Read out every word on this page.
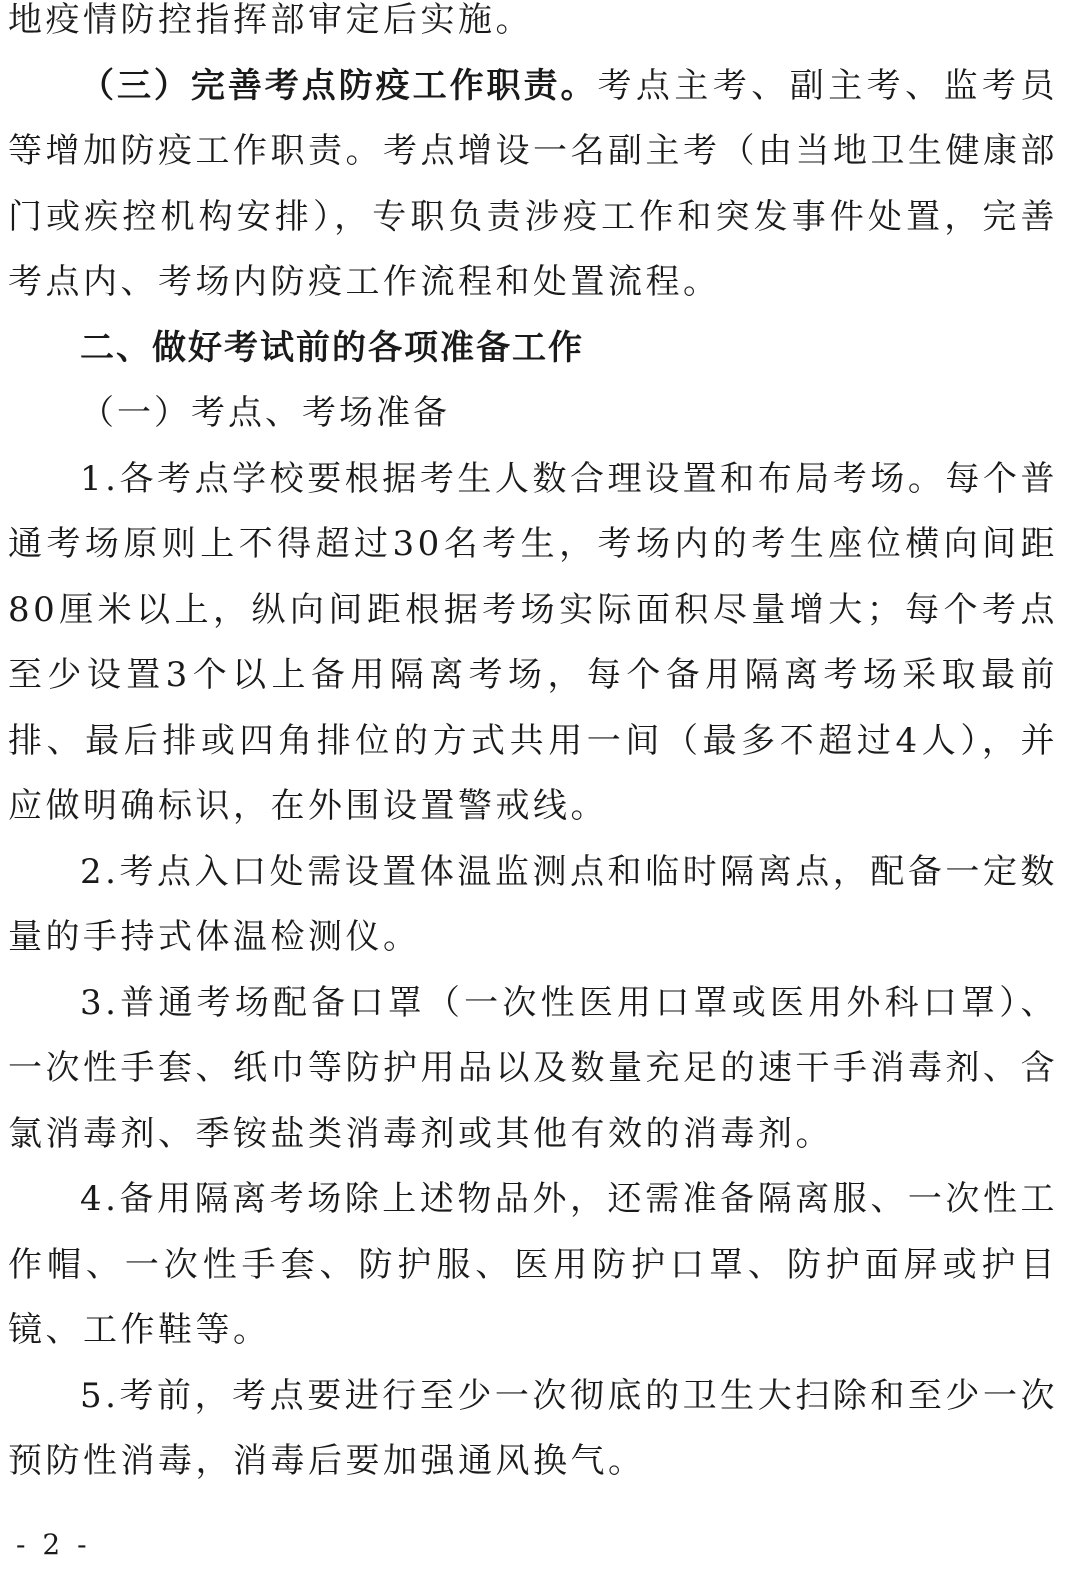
地疫情防控指挥部审定后实施。

（三）完善考点防疫工作职责。考点主考、副主考、监考员等增加防疫工作职责。考点增设一名副主考（由当地卫生健康部门或疾控机构安排），专职负责涉疫工作和突发事件处置，完善考点内、考场内防疫工作流程和处置流程。

二、做好考试前的各项准备工作

（一）考点、考场准备

1.各考点学校要根据考生人数合理设置和布局考场。每个普通考场原则上不得超过30名考生，考场内的考生座位横向间距80厘米以上，纵向间距根据考场实际面积尽量增大；每个考点至少设置3个以上备用隔离考场，每个备用隔离考场采取最前排、最后排或四角排位的方式共用一间（最多不超过4人），并应做明确标识，在外围设置警戒线。

2.考点入口处需设置体温监测点和临时隔离点，配备一定数量的手持式体温检测仪。

3.普通考场配备口罩（一次性医用口罩或医用外科口罩）、一次性手套、纸巾等防护用品以及数量充足的速干手消毒剂、含氯消毒剂、季铵盐类消毒剂或其他有效的消毒剂。

4.备用隔离考场除上述物品外，还需准备隔离服、一次性工作帽、一次性手套、防护服、医用防护口罩、防护面屏或护目镜、工作鞋等。

5.考前，考点要进行至少一次彻底的卫生大扫除和至少一次预防性消毒，消毒后要加强通风换气。

- 2 -
